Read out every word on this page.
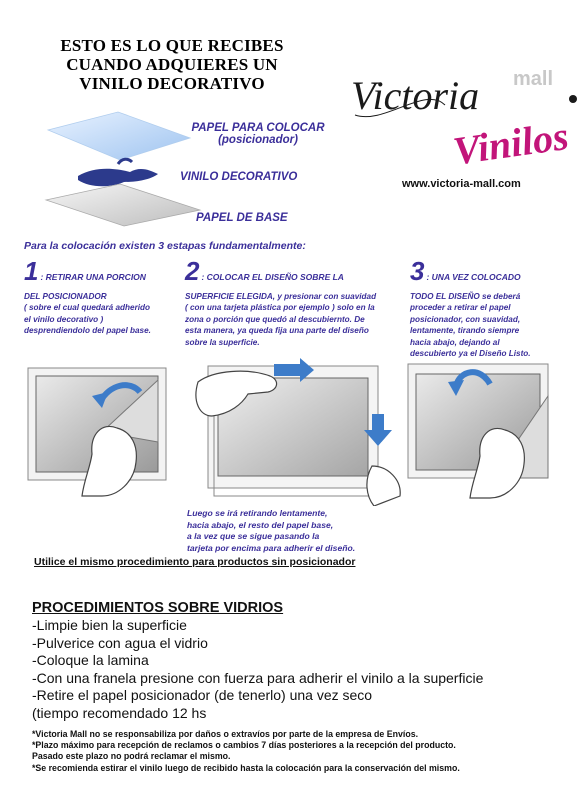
ESTO ES LO QUE RECIBES
CUANDO ADQUIERES UN
VINILO DECORATIVO
PAPEL PARA COLOCAR
(posicionador)
VINILO DECORATIVO
PAPEL DE BASE
Victoria mall
Vinilos
www.victoria-mall.com
Para la colocación existen 3 estapas fundamentalmente:
1 : RETIRAR UNA PORCION
DEL POSICIONADOR
( sobre el cual quedará adherido
el vinilo decorativo )
desprendiendolo del papel base.
2 : COLOCAR EL DISEÑO SOBRE LA
SUPERFICIE ELEGIDA, y presionar con suavidad
( con una tarjeta plástica por ejemplo ) solo en la
zona o porción que quedó al descubiernto. De
esta manera, ya queda fija una parte del diseño
sobre la superficie.
3 : UNA VEZ COLOCADO
TODO EL DISEÑO se deberá
proceder a retirar el papel
posicionador, con suavidad,
lentamente, tirando siempre
hacia abajo, dejando al
descubierto ya el Diseño Listo.
Luego se irá retirando lentamente,
hacia abajo, el resto del papel base,
a la vez que se sigue pasando la
tarjeta por encima para adherir el diseño.
Utilice el mismo procedimiento para productos sin posicionador
PROCEDIMIENTOS SOBRE VIDRIOS
-Limpie bien la superficie
-Pulverice con agua el vidrio
-Coloque la lamina
-Con una franela presione con fuerza para adherir el vinilo a la superficie
-Retire el papel posicionador (de tenerlo) una vez seco
(tiempo recomendado 12 hs
*Victoria Mall no se responsabiliza por daños o extravíos por parte de la empresa de Envíos.
*Plazo máximo para recepción de reclamos o cambios 7 días posteriores a la recepción del producto.
Pasado este plazo no podrá reclamar el mismo.
*Se recomienda estirar el vinilo luego de recibido hasta la colocación para la conservación del mismo.
